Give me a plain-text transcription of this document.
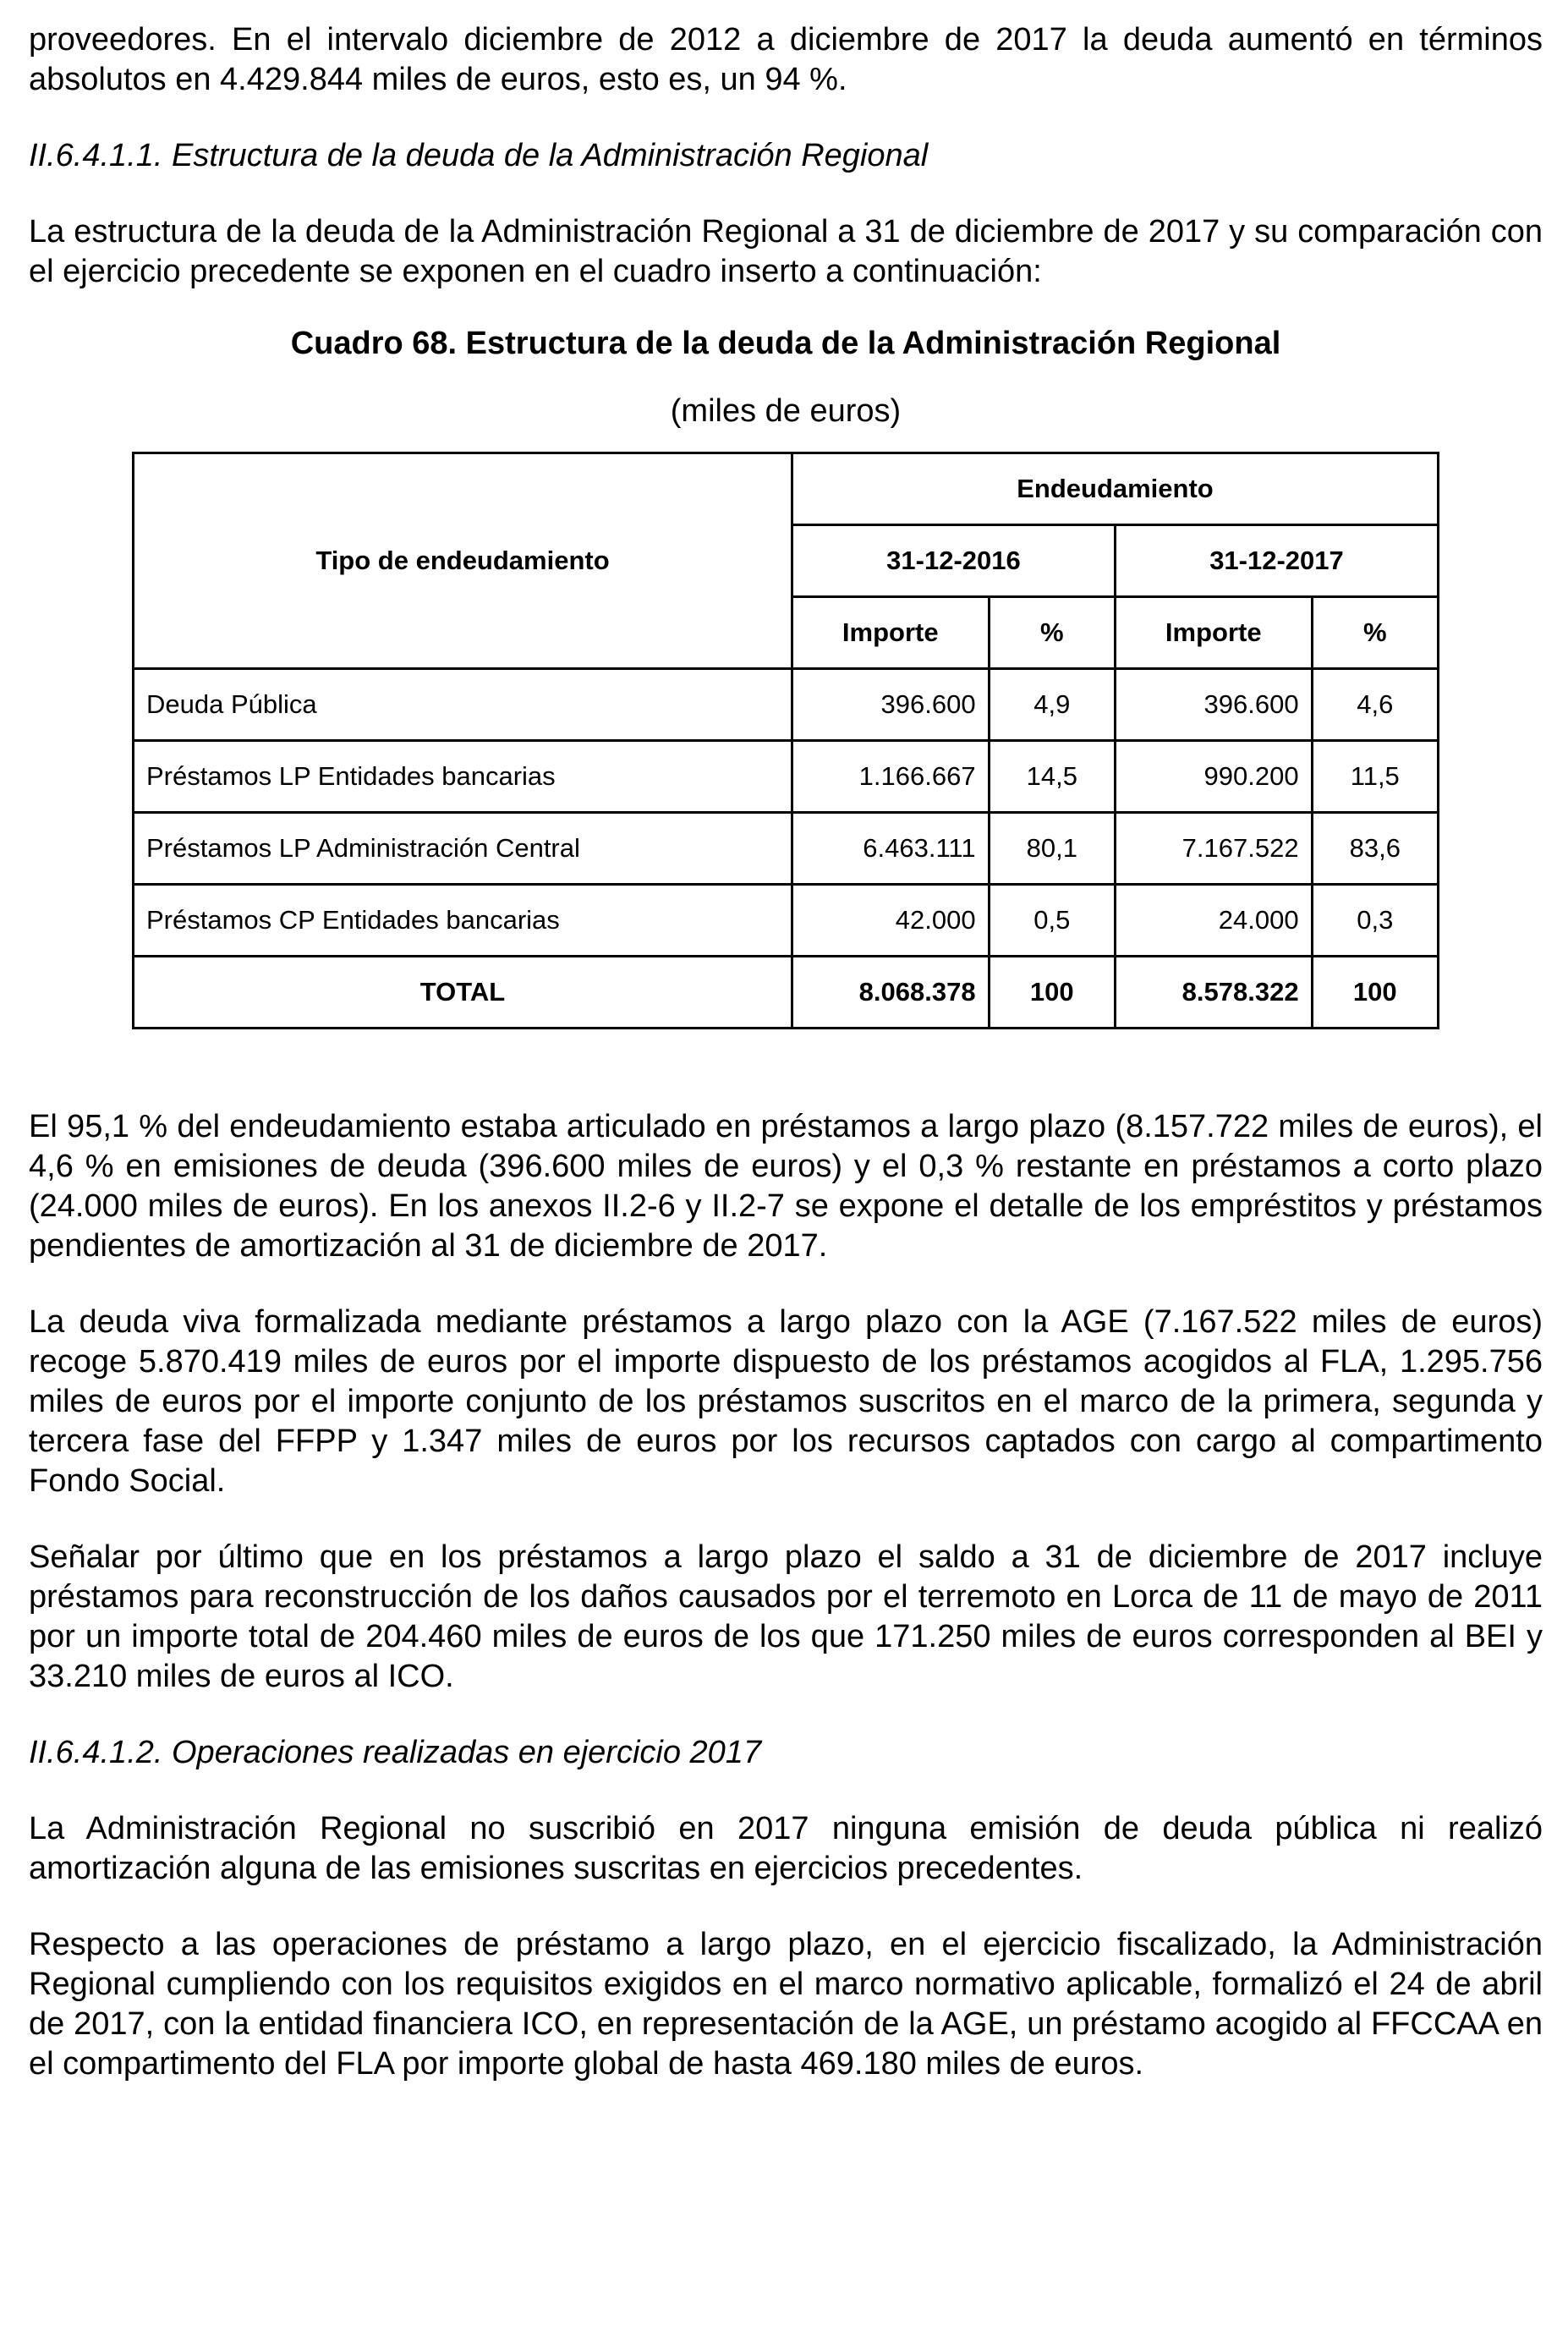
proveedores. En el intervalo diciembre de 2012 a diciembre de 2017 la deuda aumentó en términos absolutos en 4.429.844 miles de euros, esto es, un 94 %.

II.6.4.1.1. Estructura de la deuda de la Administración Regional

La estructura de la deuda de la Administración Regional a 31 de diciembre de 2017 y su comparación con el ejercicio precedente se exponen en el cuadro inserto a continuación:

Cuadro 68. Estructura de la deuda de la Administración Regional

(miles de euros)

Tipo de endeudamiento	Endeudamiento			
	31-12-2016		31-12-2017	
	Importe	%	Importe	%
Deuda Pública	396.600	4,9	396.600	4,6
Préstamos LP Entidades bancarias	1.166.667	14,5	990.200	11,5
Préstamos LP Administración Central	6.463.111	80,1	7.167.522	83,6
Préstamos CP Entidades bancarias	42.000	0,5	24.000	0,3
TOTAL	8.068.378	100	8.578.322	100

El 95,1 % del endeudamiento estaba articulado en préstamos a largo plazo (8.157.722 miles de euros), el 4,6 % en emisiones de deuda (396.600 miles de euros) y el 0,3 % restante en préstamos a corto plazo (24.000 miles de euros). En los anexos II.2-6 y II.2-7 se expone el detalle de los empréstitos y préstamos pendientes de amortización al 31 de diciembre de 2017.

La deuda viva formalizada mediante préstamos a largo plazo con la AGE (7.167.522 miles de euros) recoge 5.870.419 miles de euros por el importe dispuesto de los préstamos acogidos al FLA, 1.295.756 miles de euros por el importe conjunto de los préstamos suscritos en el marco de la primera, segunda y tercera fase del FFPP y 1.347 miles de euros por los recursos captados con cargo al compartimento Fondo Social.

Señalar por último que en los préstamos a largo plazo el saldo a 31 de diciembre de 2017 incluye préstamos para reconstrucción de los daños causados por el terremoto en Lorca de 11 de mayo de 2011 por un importe total de 204.460 miles de euros de los que 171.250 miles de euros corresponden al BEI y 33.210 miles de euros al ICO.

II.6.4.1.2. Operaciones realizadas en ejercicio 2017

La Administración Regional no suscribió en 2017 ninguna emisión de deuda pública ni realizó amortización alguna de las emisiones suscritas en ejercicios precedentes.

Respecto a las operaciones de préstamo a largo plazo, en el ejercicio fiscalizado, la Administración Regional cumpliendo con los requisitos exigidos en el marco normativo aplicable, formalizó el 24 de abril de 2017, con la entidad financiera ICO, en representación de la AGE, un préstamo acogido al FFCCAA en el compartimento del FLA por importe global de hasta 469.180 miles de euros.
